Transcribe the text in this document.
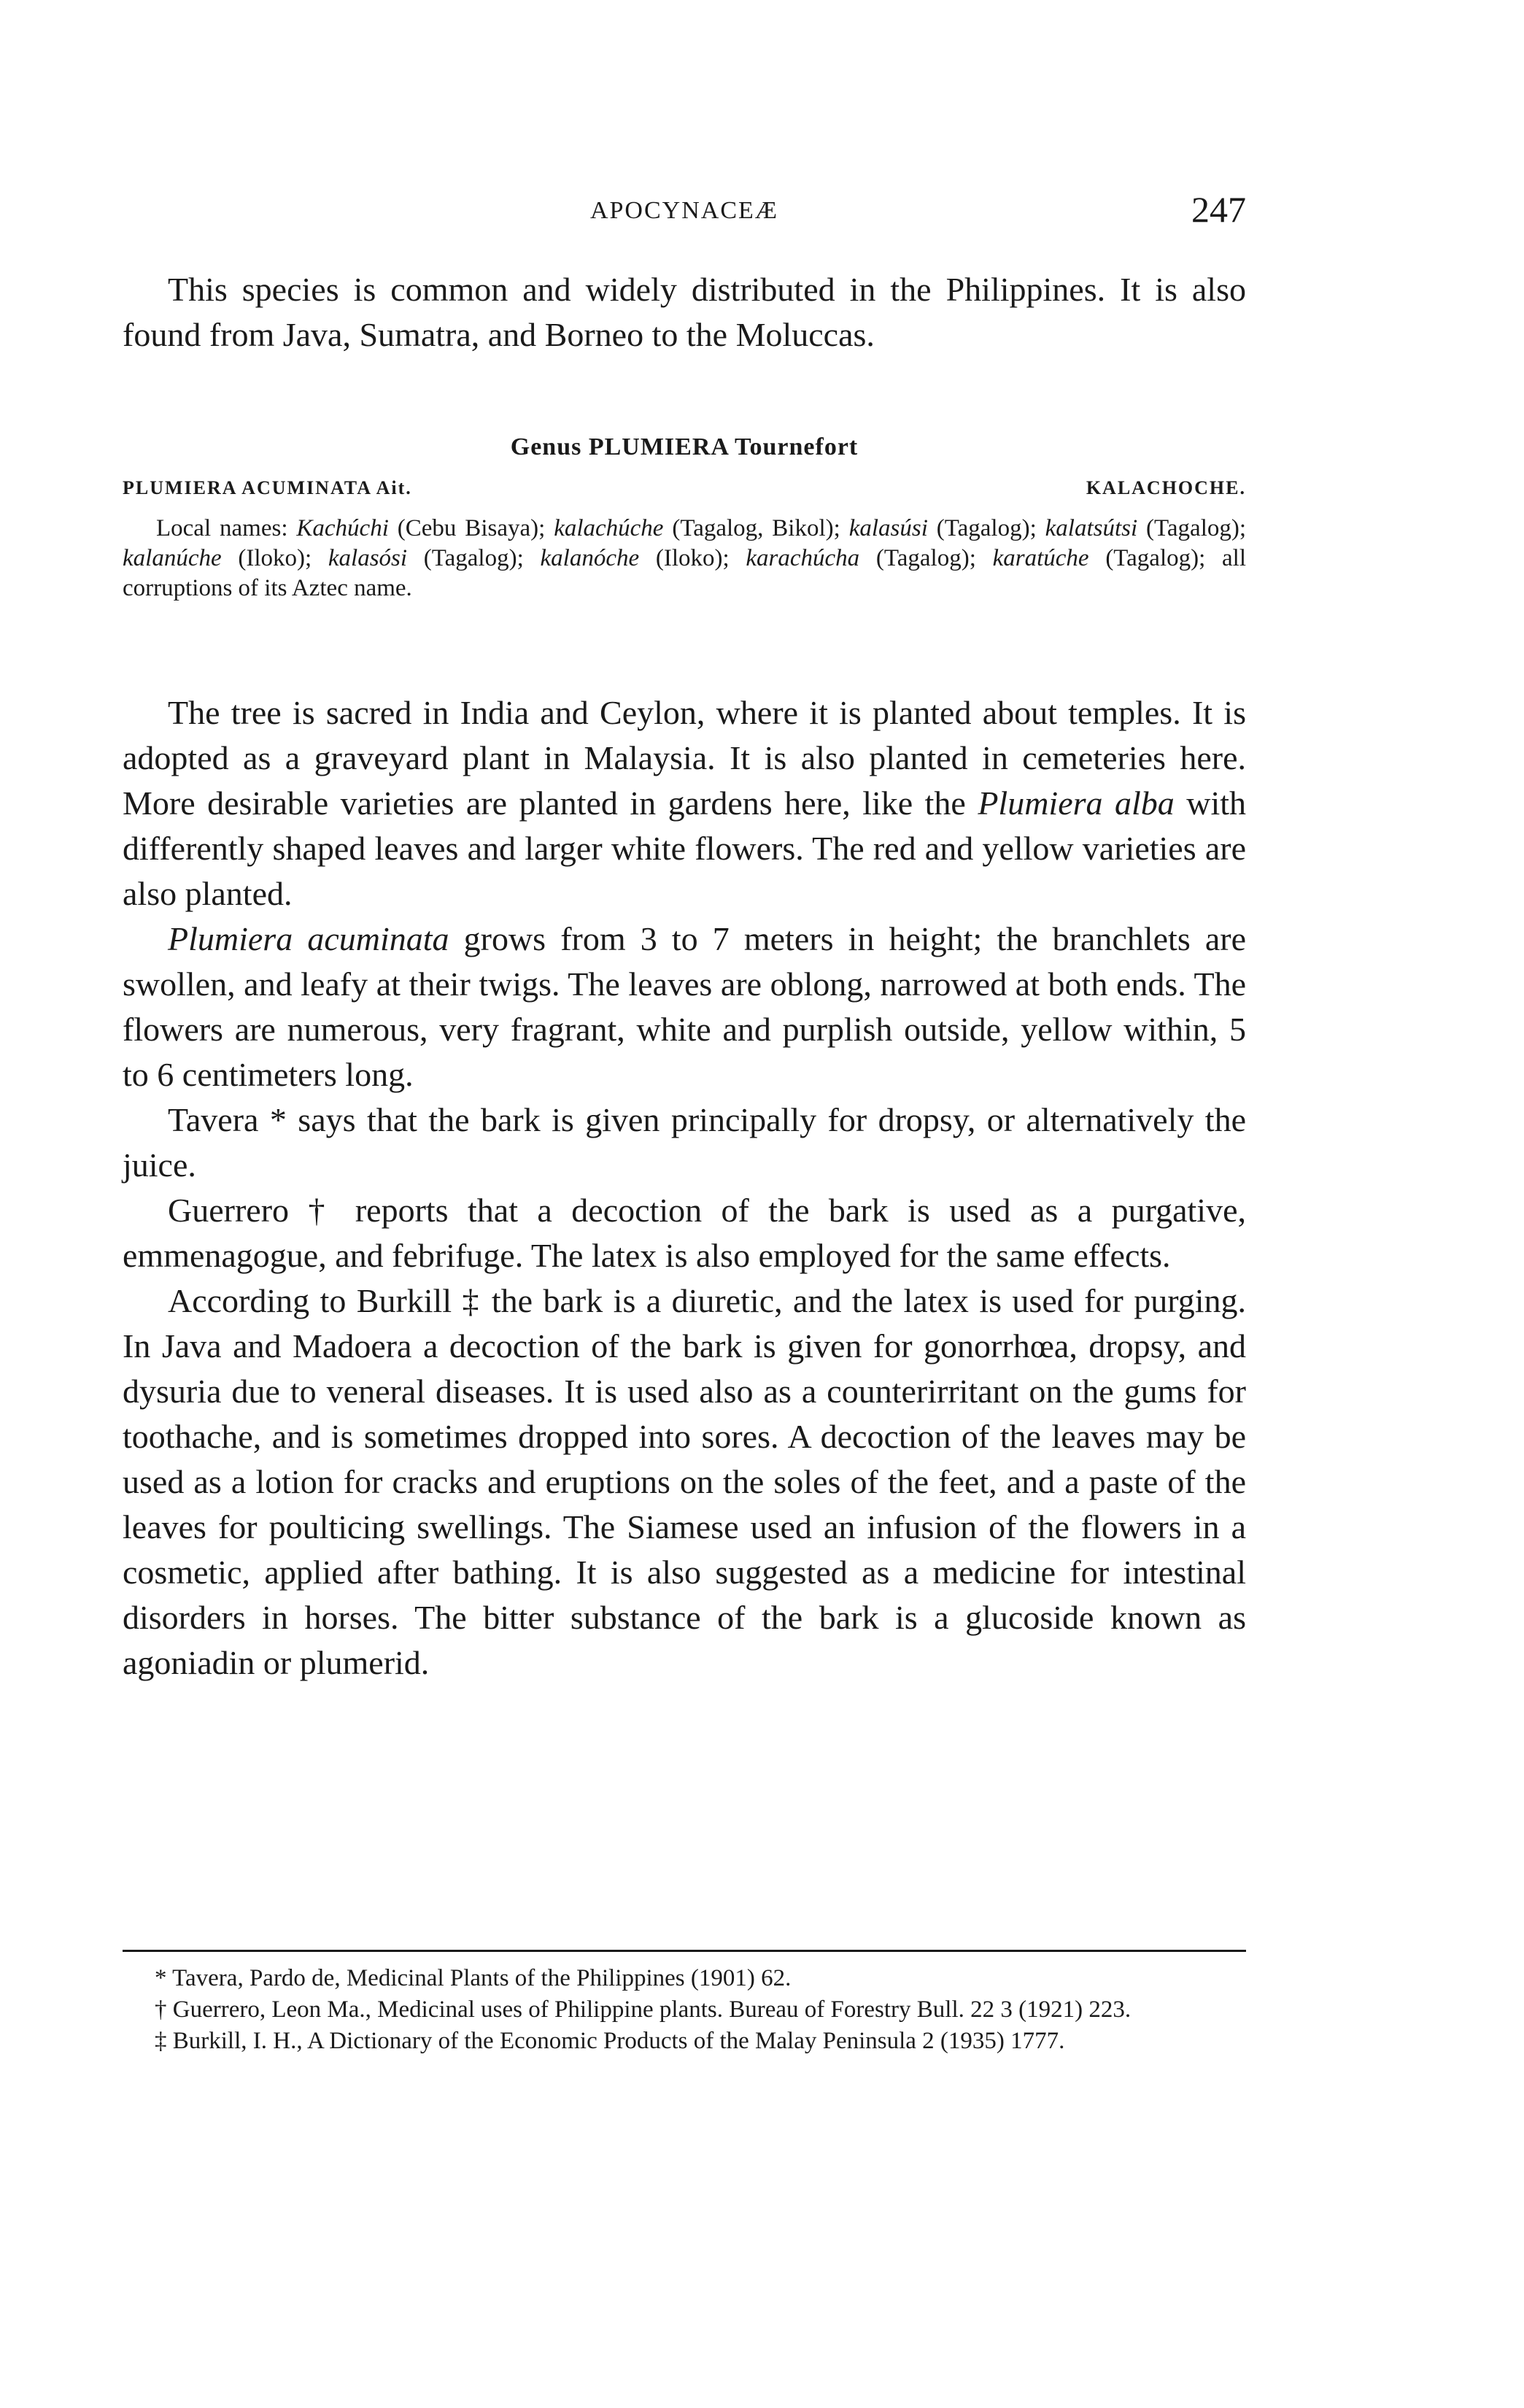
APOCYNACEÆ	247

This species is common and widely distributed in the Philippines. It is also found from Java, Sumatra, and Borneo to the Moluccas.

Genus PLUMIERA Tournefort
PLUMIERA ACUMINATA Ait.	KALACHOCHE.

Local names: Kachúchi (Cebu Bisaya); kalachúche (Tagalog, Bikol); kalasúsi (Tagalog); kalatsútsi (Tagalog); kalanúche (Iloko); kalasósi (Tagalog); kalanóche (Iloko); karachúcha (Tagalog); karatúche (Tagalog); all corruptions of its Aztec name.

The tree is sacred in India and Ceylon, where it is planted about temples. It is adopted as a graveyard plant in Malaysia. It is also planted in cemeteries here. More desirable varieties are planted in gardens here, like the Plumiera alba with differently shaped leaves and larger white flowers. The red and yellow varieties are also planted.

Plumiera acuminata grows from 3 to 7 meters in height; the branchlets are swollen, and leafy at their twigs. The leaves are oblong, narrowed at both ends. The flowers are numerous, very fragrant, white and purplish outside, yellow within, 5 to 6 centimeters long.

Tavera * says that the bark is given principally for dropsy, or alternatively the juice.

Guerrero † reports that a decoction of the bark is used as a purgative, emmenagogue, and febrifuge. The latex is also employed for the same effects.

According to Burkill ‡ the bark is a diuretic, and the latex is used for purging. In Java and Madoera a decoction of the bark is given for gonorrhœa, dropsy, and dysuria due to veneral diseases. It is used also as a counterirritant on the gums for toothache, and is sometimes dropped into sores. A decoction of the leaves may be used as a lotion for cracks and eruptions on the soles of the feet, and a paste of the leaves for poulticing swellings. The Siamese used an infusion of the flowers in a cosmetic, applied after bathing. It is also suggested as a medicine for intestinal disorders in horses. The bitter substance of the bark is a glucoside known as agoniadin or plumerid.

* Tavera, Pardo de, Medicinal Plants of the Philippines (1901) 62.

† Guerrero, Leon Ma., Medicinal uses of Philippine plants. Bureau of Forestry Bull. 22 3 (1921) 223.

‡ Burkill, I. H., A Dictionary of the Economic Products of the Malay Peninsula 2 (1935) 1777.
